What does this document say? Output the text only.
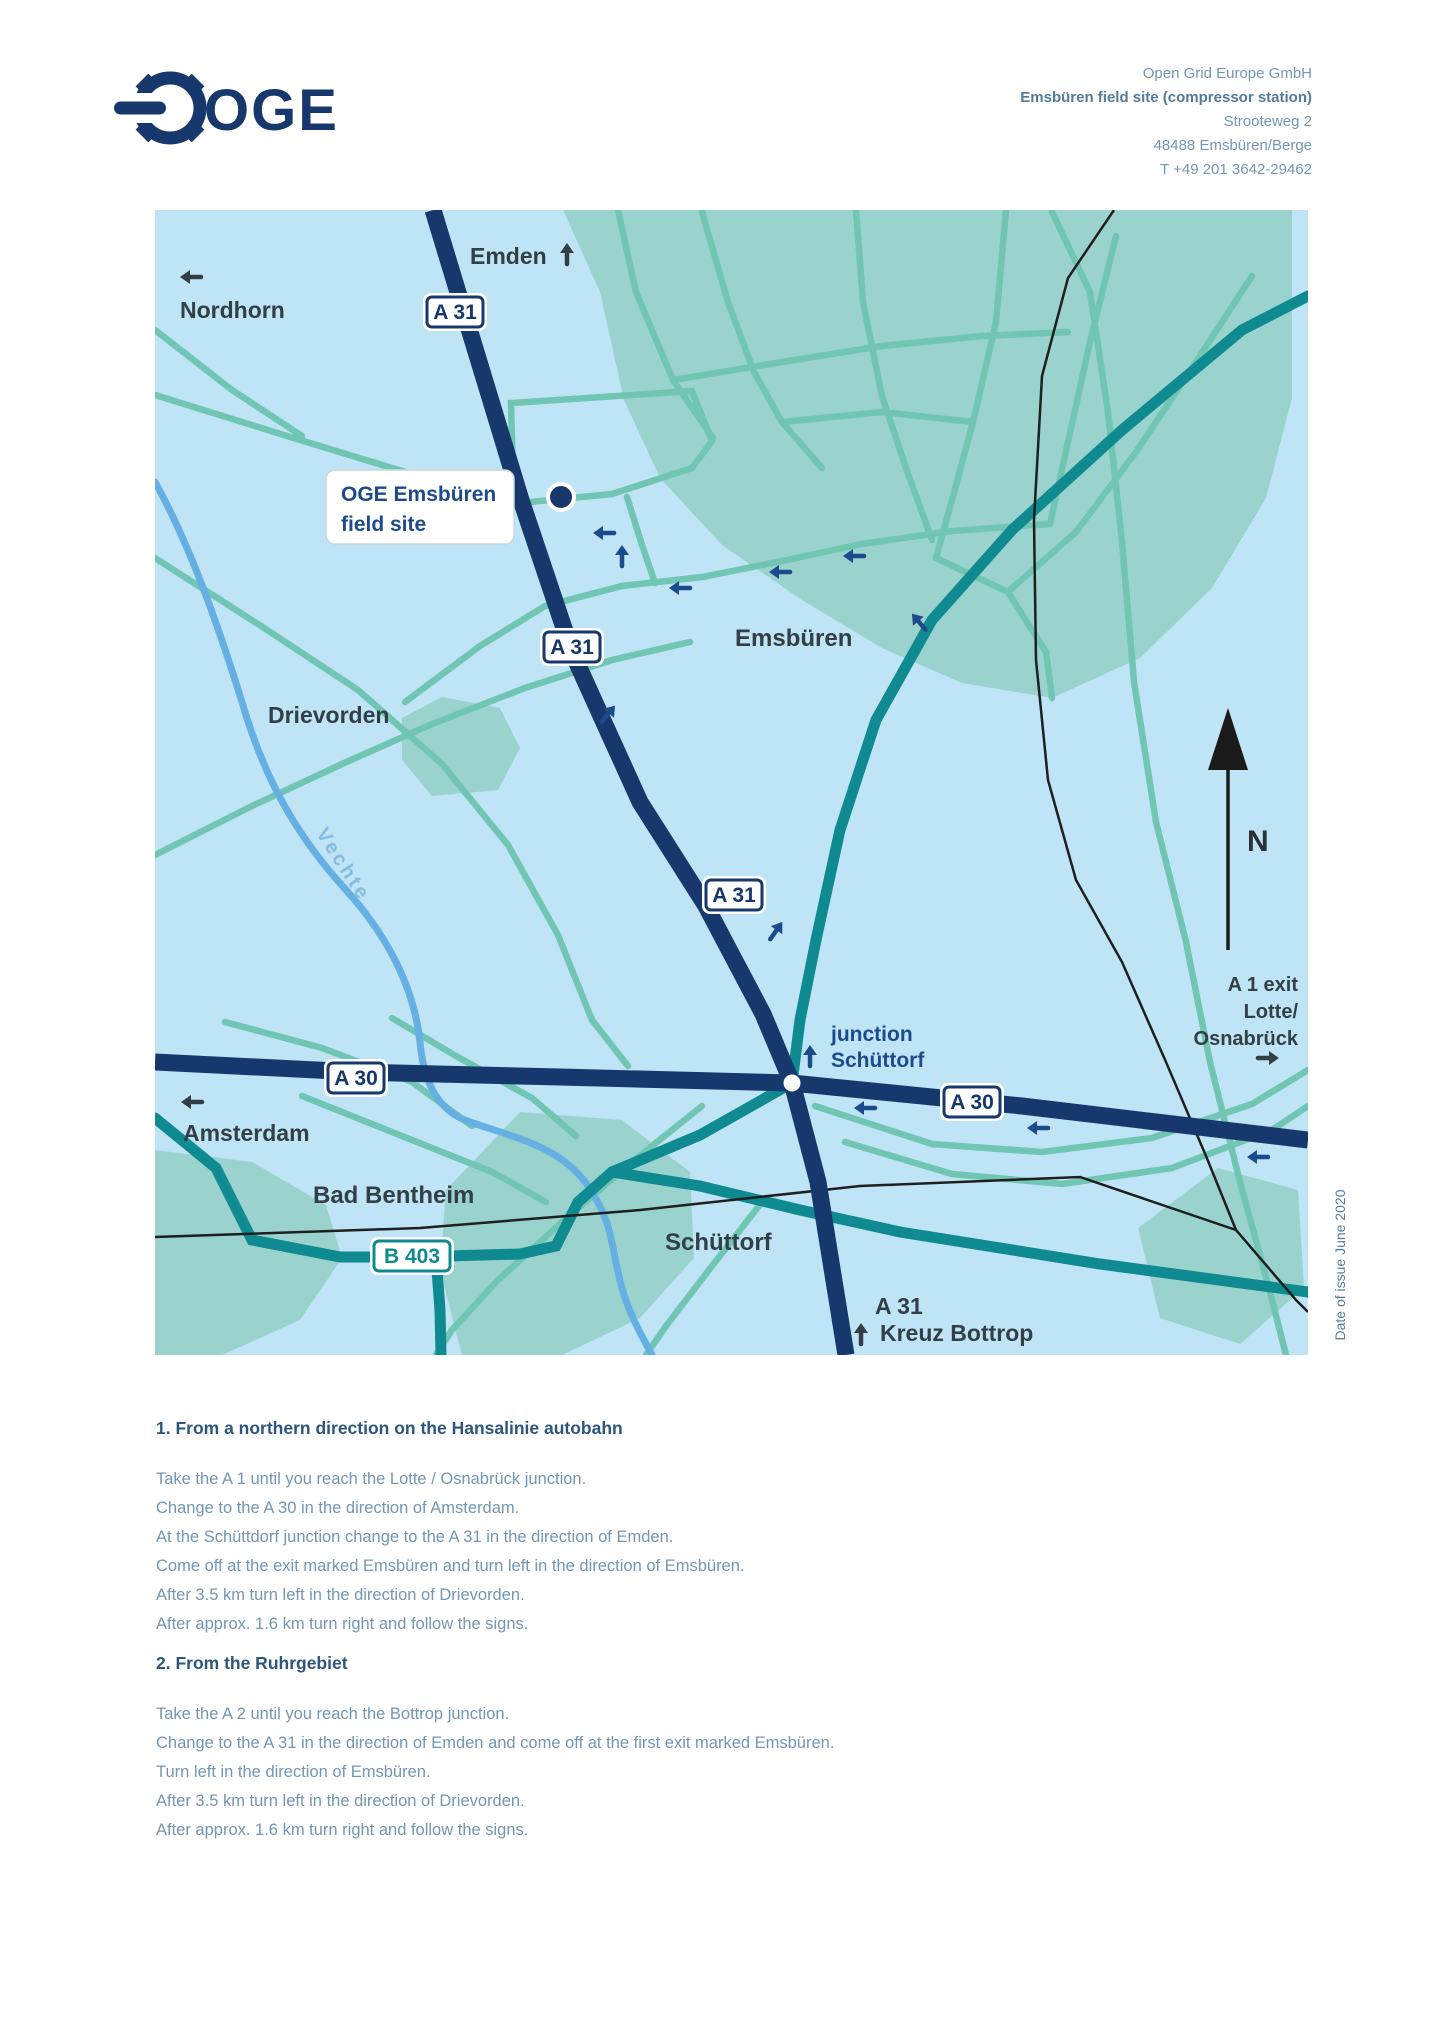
OGE
Open Grid Europe GmbH
Emsbüren field site (compressor station)
Strooteweg 2
48488 Emsbüren/Berge
T +49 201 3642-29462
Emden
Nordhorn
Drievorden
Emsbüren
Vechte
Amsterdam
Bad Bentheim
Schüttorf
junction
Schüttorf
A 31
Kreuz Bottrop
A 1 exit
Lotte/
Osnabrück
N
A 31
A 31
A 31
A 30
A 30
B 403
OGE Emsbüren
field site
Date of issue June 2020
1. From a northern direction on the Hansalinie autobahn
Take the A 1 until you reach the Lotte / Osnabrück junction.
Change to the A 30 in the direction of Amsterdam.
At the Schüttdorf junction change to the A 31 in the direction of Emden.
Come off at the exit marked Emsbüren and turn left in the direction of Emsbüren.
After 3.5 km turn left in the direction of Drievorden.
After approx. 1.6 km turn right and follow the signs.
2. From the Ruhrgebiet
Take the A 2 until you reach the Bottrop junction.
Change to the A 31 in the direction of Emden and come off at the first exit marked Emsbüren.
Turn left in the direction of Emsbüren.
After 3.5 km turn left in the direction of Drievorden.
After approx. 1.6 km turn right and follow the signs.
